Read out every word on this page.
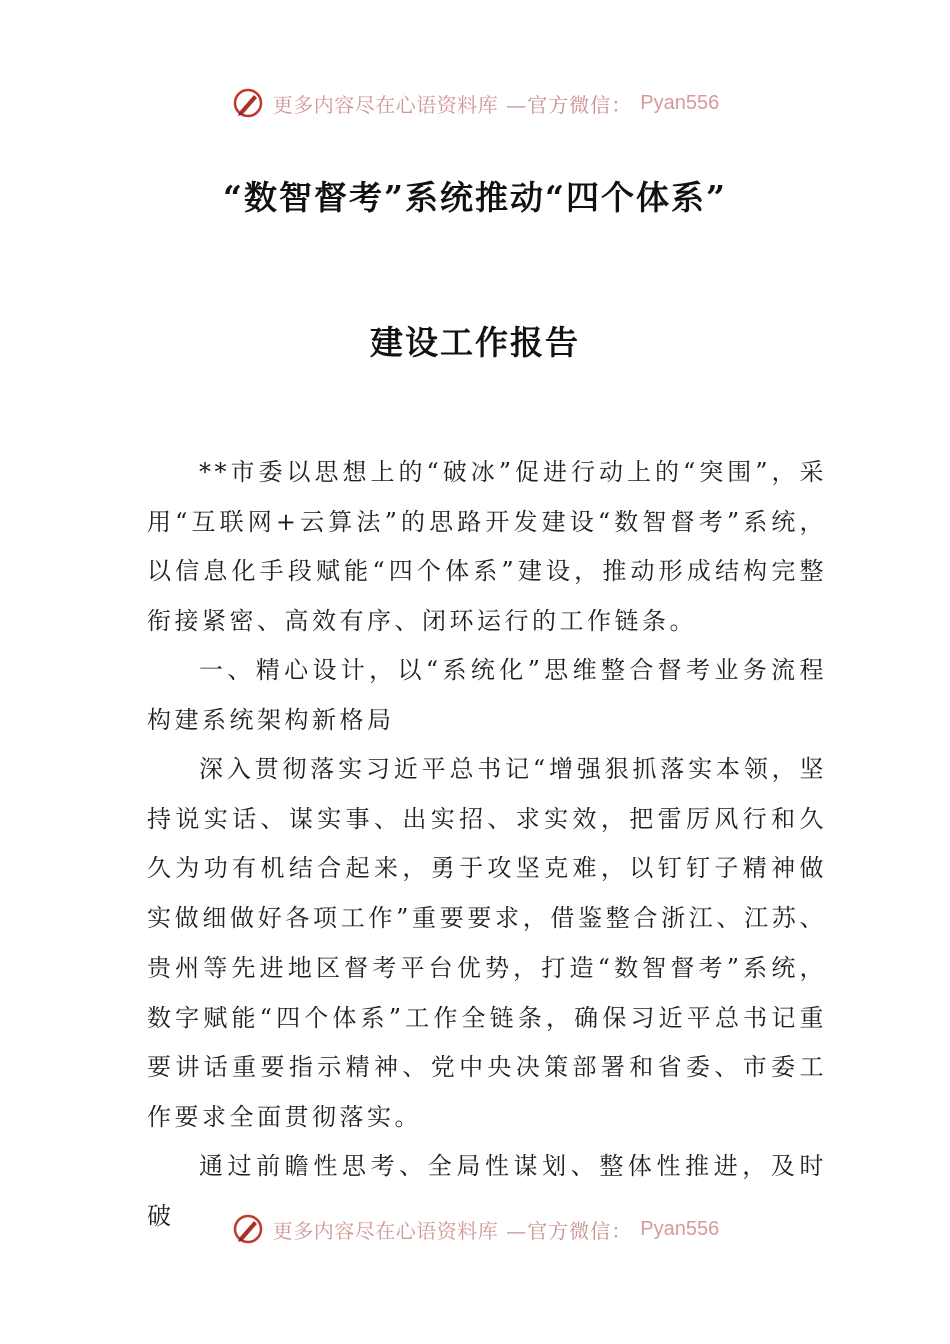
更多内容尽在心语资料库 —官方微信： Pyan556
“数智督考”系统推动“四个体系”
建设工作报告

**市委以思想上的“破冰”促进行动上的“突围”，采用“互联网+云算法”的思路开发建设“数智督考”系统，以信息化手段赋能“四个体系”建设，推动形成结构完整衔接紧密、高效有序、闭环运行的工作链条。

一、精心设计，以“系统化”思维整合督考业务流程构建系统架构新格局

深入贯彻落实习近平总书记“增强狠抓落实本领，坚持说实话、谋实事、出实招、求实效，把雷厉风行和久久为功有机结合起来，勇于攻坚克难，以钉钉子精神做实做细做好各项工作”重要要求，借鉴整合浙江、江苏、贵州等先进地区督考平台优势，打造“数智督考”系统，数字赋能“四个体系”工作全链条，确保习近平总书记重要讲话重要指示精神、党中央决策部署和省委、市委工作要求全面贯彻落实。

通过前瞻性思考、全局性谋划、整体性推进，及时破

更多内容尽在心语资料库 —官方微信： Pyan556
